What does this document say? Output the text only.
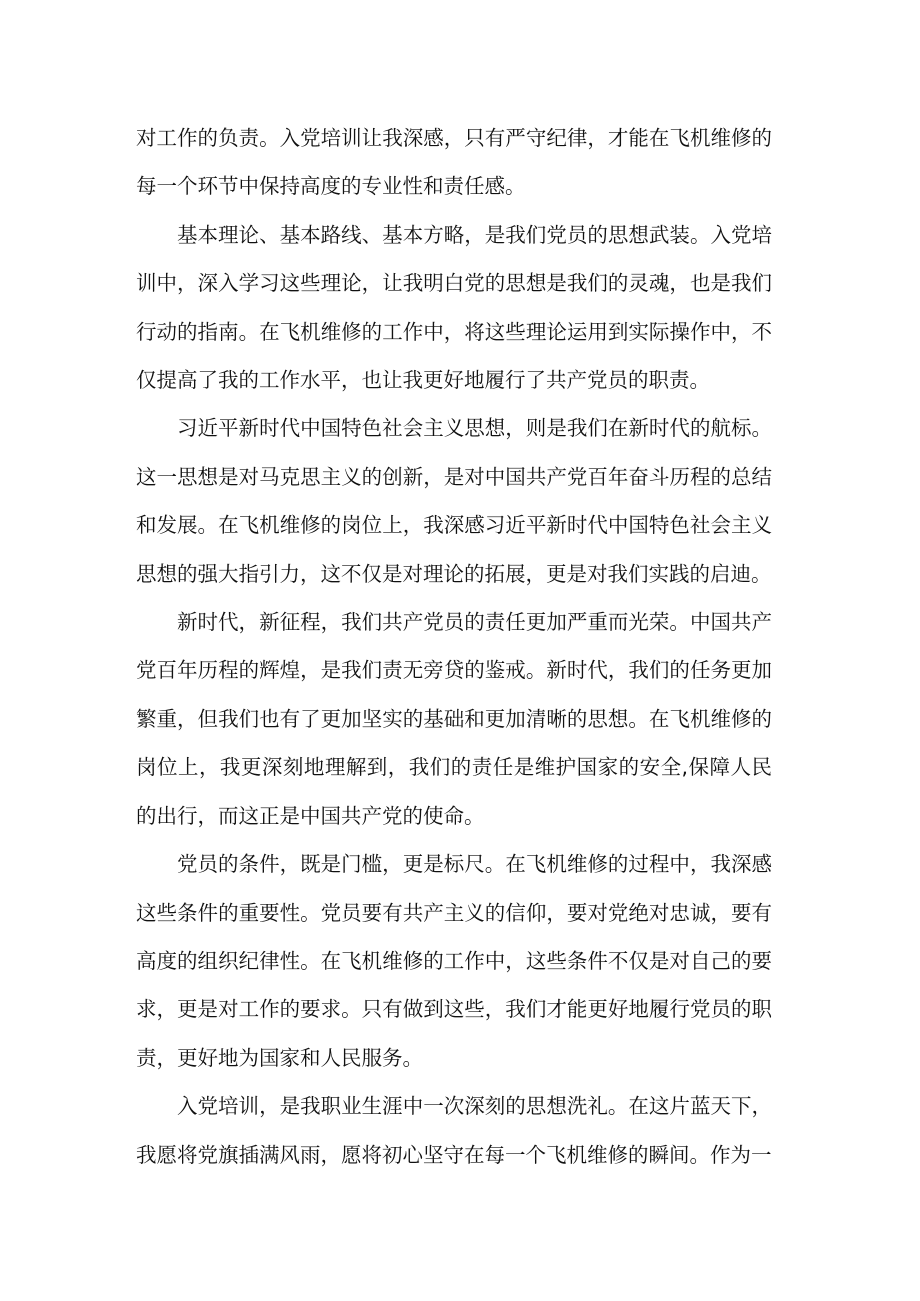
对工作的负责。入党培训让我深感，只有严守纪律，才能在飞机维修的每一个环节中保持高度的专业性和责任感。

基本理论、基本路线、基本方略，是我们党员的思想武装。入党培训中，深入学习这些理论，让我明白党的思想是我们的灵魂，也是我们行动的指南。在飞机维修的工作中，将这些理论运用到实际操作中，不仅提高了我的工作水平，也让我更好地履行了共产党员的职责。

习近平新时代中国特色社会主义思想，则是我们在新时代的航标。这一思想是对马克思主义的创新，是对中国共产党百年奋斗历程的总结和发展。在飞机维修的岗位上，我深感习近平新时代中国特色社会主义思想的强大指引力，这不仅是对理论的拓展，更是对我们实践的启迪。

新时代，新征程，我们共产党员的责任更加严重而光荣。中国共产党百年历程的辉煌，是我们责无旁贷的鉴戒。新时代，我们的任务更加繁重，但我们也有了更加坚实的基础和更加清晰的思想。在飞机维修的岗位上，我更深刻地理解到，我们的责任是维护国家的安全,保障人民的出行，而这正是中国共产党的使命。

党员的条件，既是门槛，更是标尺。在飞机维修的过程中，我深感这些条件的重要性。党员要有共产主义的信仰，要对党绝对忠诚，要有高度的组织纪律性。在飞机维修的工作中，这些条件不仅是对自己的要求，更是对工作的要求。只有做到这些，我们才能更好地履行党员的职责，更好地为国家和人民服务。

入党培训，是我职业生涯中一次深刻的思想洗礼。在这片蓝天下，我愿将党旗插满风雨，愿将初心坚守在每一个飞机维修的瞬间。作为一
